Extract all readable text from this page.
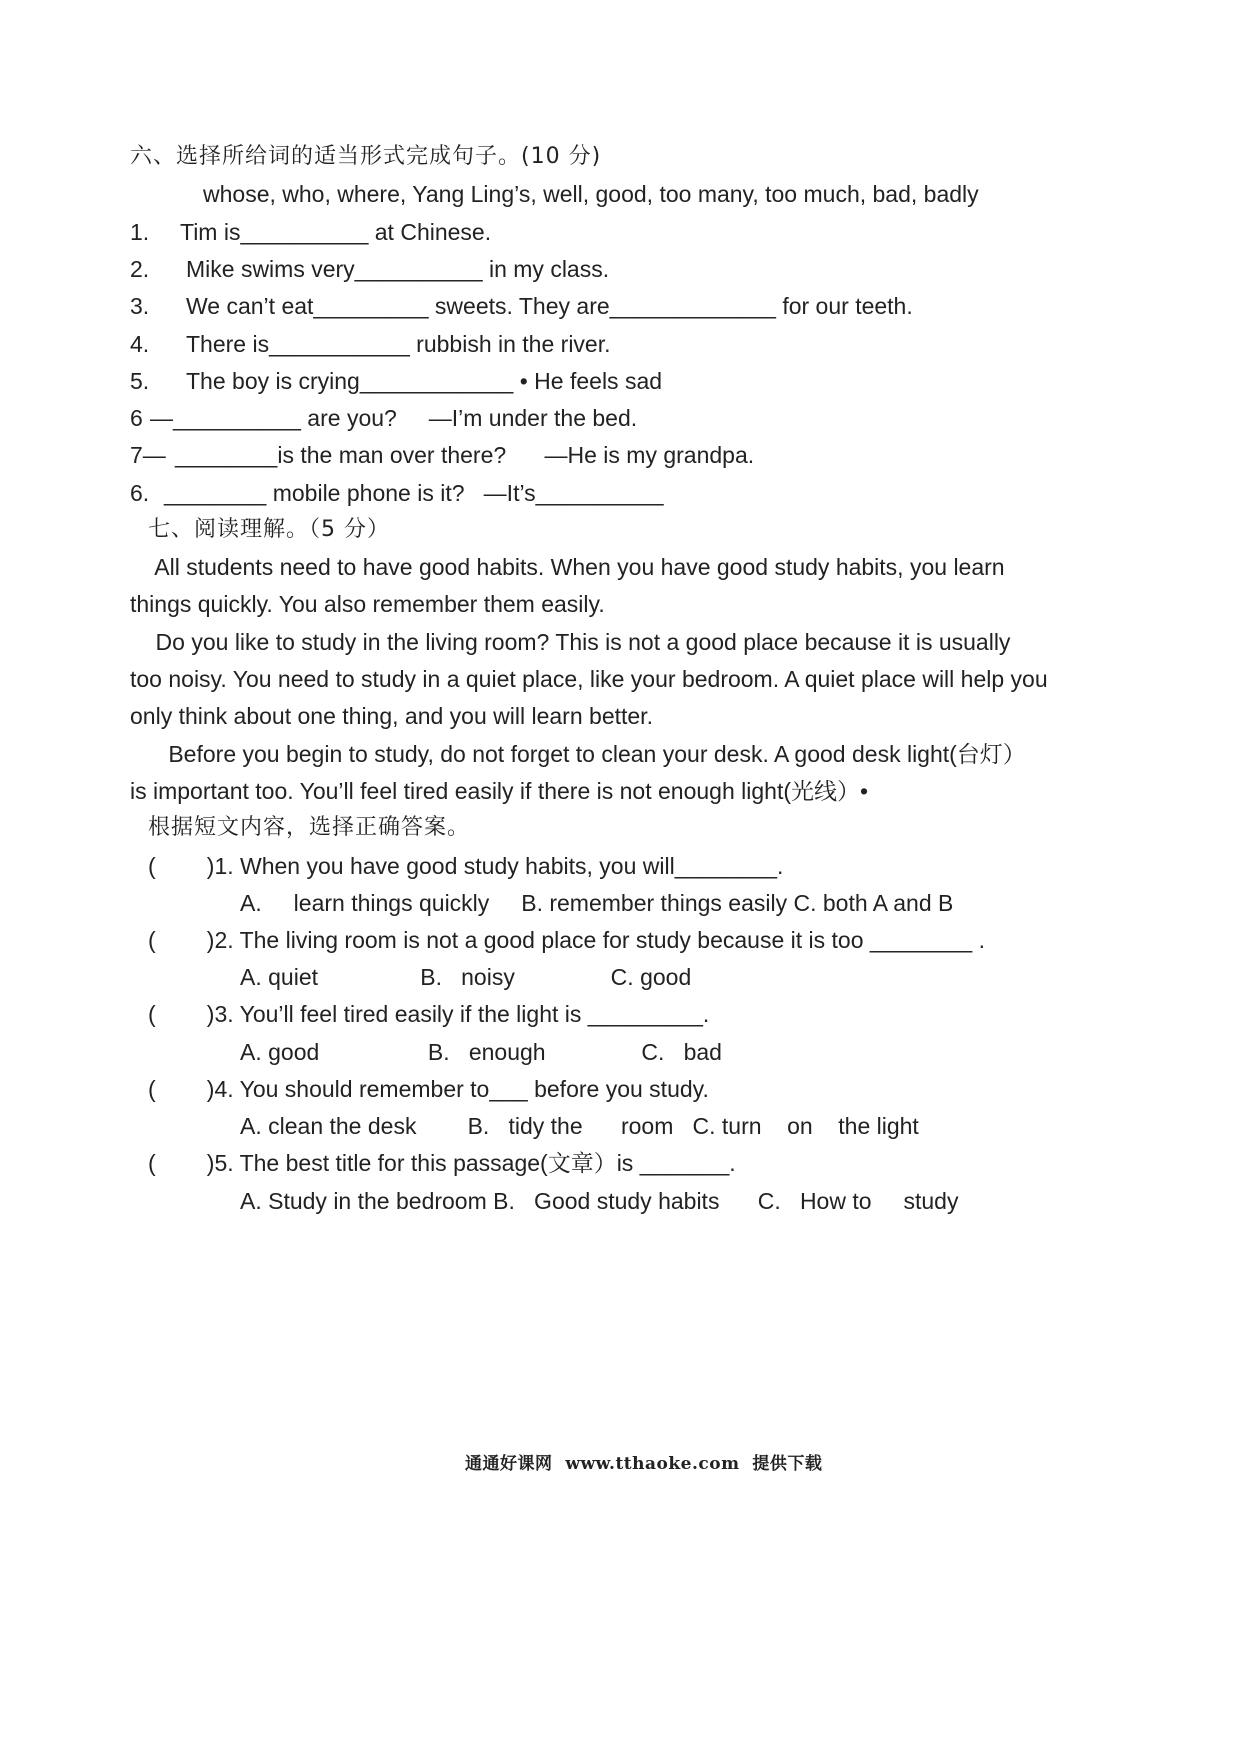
六、选择所给词的适当形式完成句子。(10 分)
whose, who, where, Yang Ling’s, well, good, too many, too much, bad, badly
1. Tim is__________ at Chinese.
2. Mike swims very__________ in my class.
3. We can’t eat_________ sweets. They are_____________ for our teeth.
4. There is___________ rubbish in the river.
5. The boy is crying____________ • He feels sad
6 —__________ are you?     —I’m under the bed.
7— ________is the man over there?      —He is my grandpa.
6. ________ mobile phone is it?   —It’s__________
七、阅读理解。（5 分）
All students need to have good habits. When you have good study habits, you learn
things quickly. You also remember them easily.
Do you like to study in the living room? This is not a good place because it is usually
too noisy. You need to study in a quiet place, like your bedroom. A quiet place will help you
only think about one thing, and you will learn better.
Before you begin to study, do not forget to clean your desk. A good desk light(台灯）
is important too. You’ll feel tired easily if there is not enough light(光线）•
根据短文内容，选择正确答案。
(        )1. When you have good study habits, you will________.
A.     learn things quickly     B. remember things easily C. both A and B
(        )2. The living room is not a good place for study because it is too ________ .
A. quiet                B.   noisy               C. good
(        )3. You’ll feel tired easily if the light is _________.
A. good                 B.   enough               C.   bad
(        )4. You should remember to___ before you study.
A. clean the desk        B.   tidy the      room   C. turn    on    the light
(        )5. The best title for this passage(文章）is _______.
A. Study in the bedroom B.   Good study habits      C.   How to     study
通通好课网  www.tthaoke.com  提供下载
